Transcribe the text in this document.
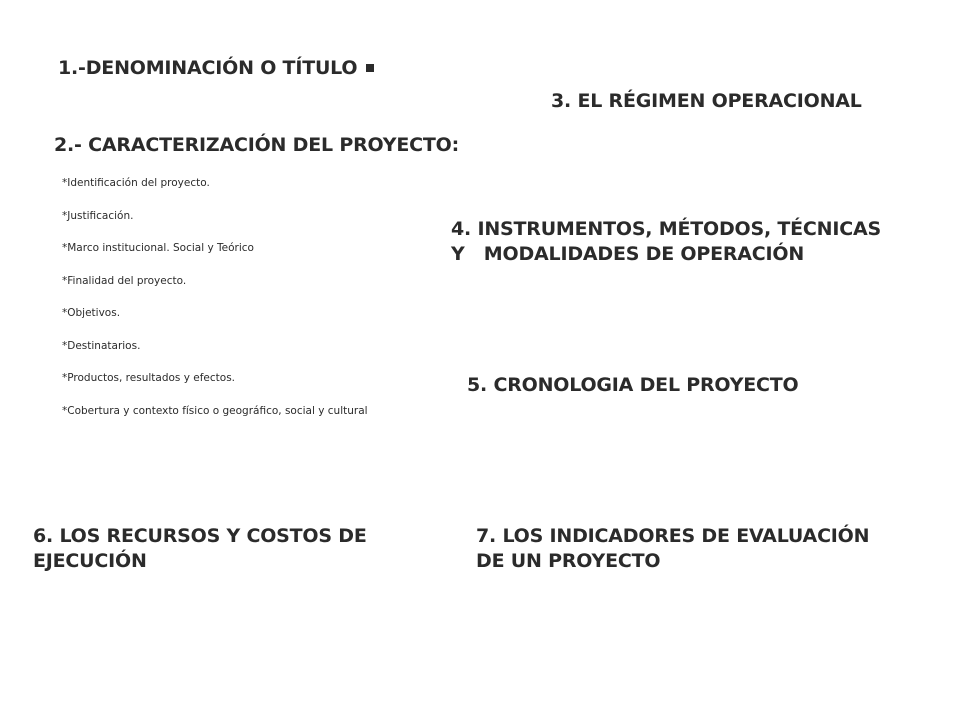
1.-DENOMINACIÓN O TÍTULO
3. EL RÉGIMEN OPERACIONAL
2.- CARACTERIZACIÓN DEL PROYECTO:
*Identificación del proyecto.
*Justificación.
*Marco institucional. Social y Teórico
*Finalidad del proyecto.
*Objetivos.
*Destinatarios.
*Productos, resultados y efectos.
*Cobertura y contexto físico o geográfico, social y cultural
4. INSTRUMENTOS, MÉTODOS, TÉCNICAS
Y   MODALIDADES DE OPERACIÓN
5. CRONOLOGIA DEL PROYECTO
6. LOS RECURSOS Y COSTOS DE
EJECUCIÓN
7. LOS INDICADORES DE EVALUACIÓN
DE UN PROYECTO
